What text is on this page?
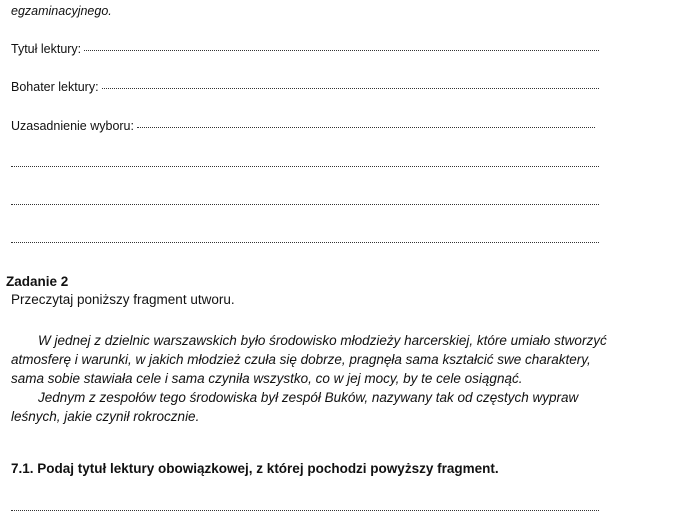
egzaminacyjnego.
Tytuł lektury:
Bohater lektury:
Uzasadnienie wyboru:
Zadanie 2
Przeczytaj poniższy fragment utworu.

W jednej z dzielnic warszawskich było środowisko młodzieży harcerskiej, które umiało stworzyć atmosferę i warunki, w jakich młodzież czuła się dobrze, pragnęła sama kształcić swe charaktery, sama sobie stawiała cele i sama czyniła wszystko, co w jej mocy, by te cele osiągnąć.

Jednym z zespołów tego środowiska był zespół Buków, nazywany tak od częstych wypraw leśnych, jakie czynił rokrocznie.

7.1. Podaj tytuł lektury obowiązkowej, z której pochodzi powyższy fragment.
